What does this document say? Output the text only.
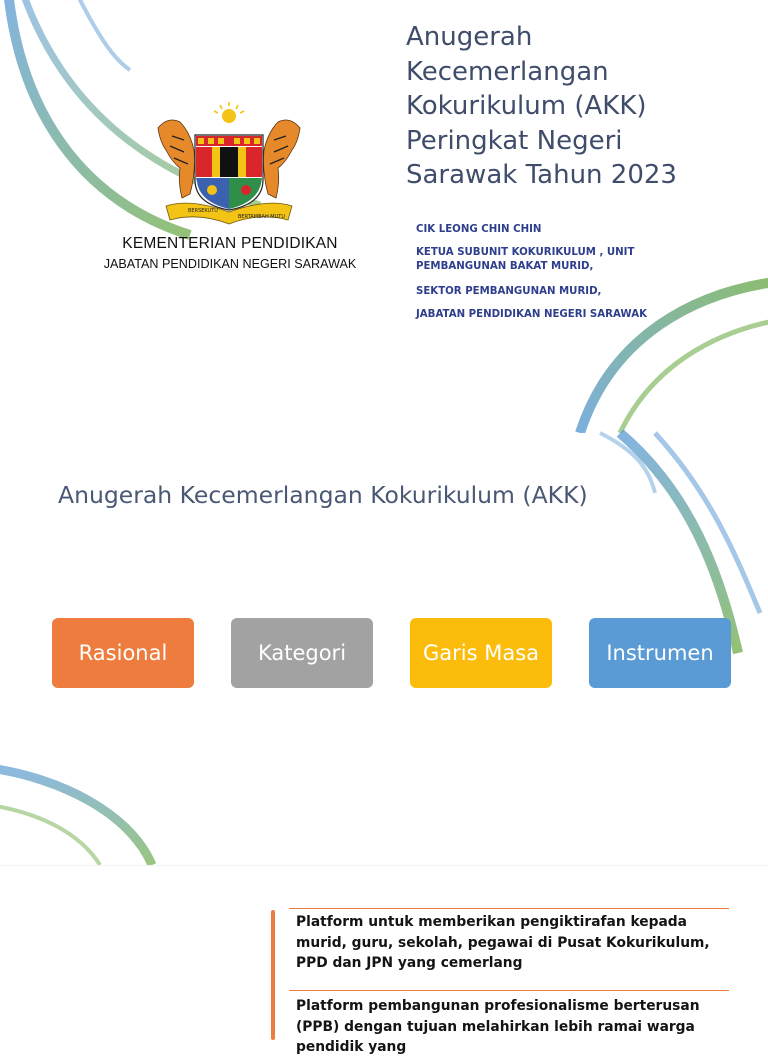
BERSEKUTU
BERTAMBAH MUTU
KEMENTERIAN PENDIDIKAN
JABATAN PENDIDIKAN NEGERI SARAWAK
Anugerah
Kecemerlangan
Kokurikulum (AKK)
Peringkat Negeri
Sarawak Tahun 2023
CIK LEONG CHIN CHIN
KETUA SUBUNIT KOKURIKULUM , UNIT
PEMBANGUNAN BAKAT MURID,
SEKTOR PEMBANGUNAN MURID,
JABATAN PENDIDIKAN NEGERI SARAWAK
Anugerah Kecemerlangan Kokurikulum (AKK)
Rasional	Kategori	Garis Masa	Instrumen
Platform untuk memberikan pengiktirafan kepada murid, guru, sekolah, pegawai di Pusat Kokurikulum, PPD dan JPN yang cemerlang
Platform pembangunan profesionalisme berterusan (PPB) dengan tujuan melahirkan lebih ramai warga pendidik yang
